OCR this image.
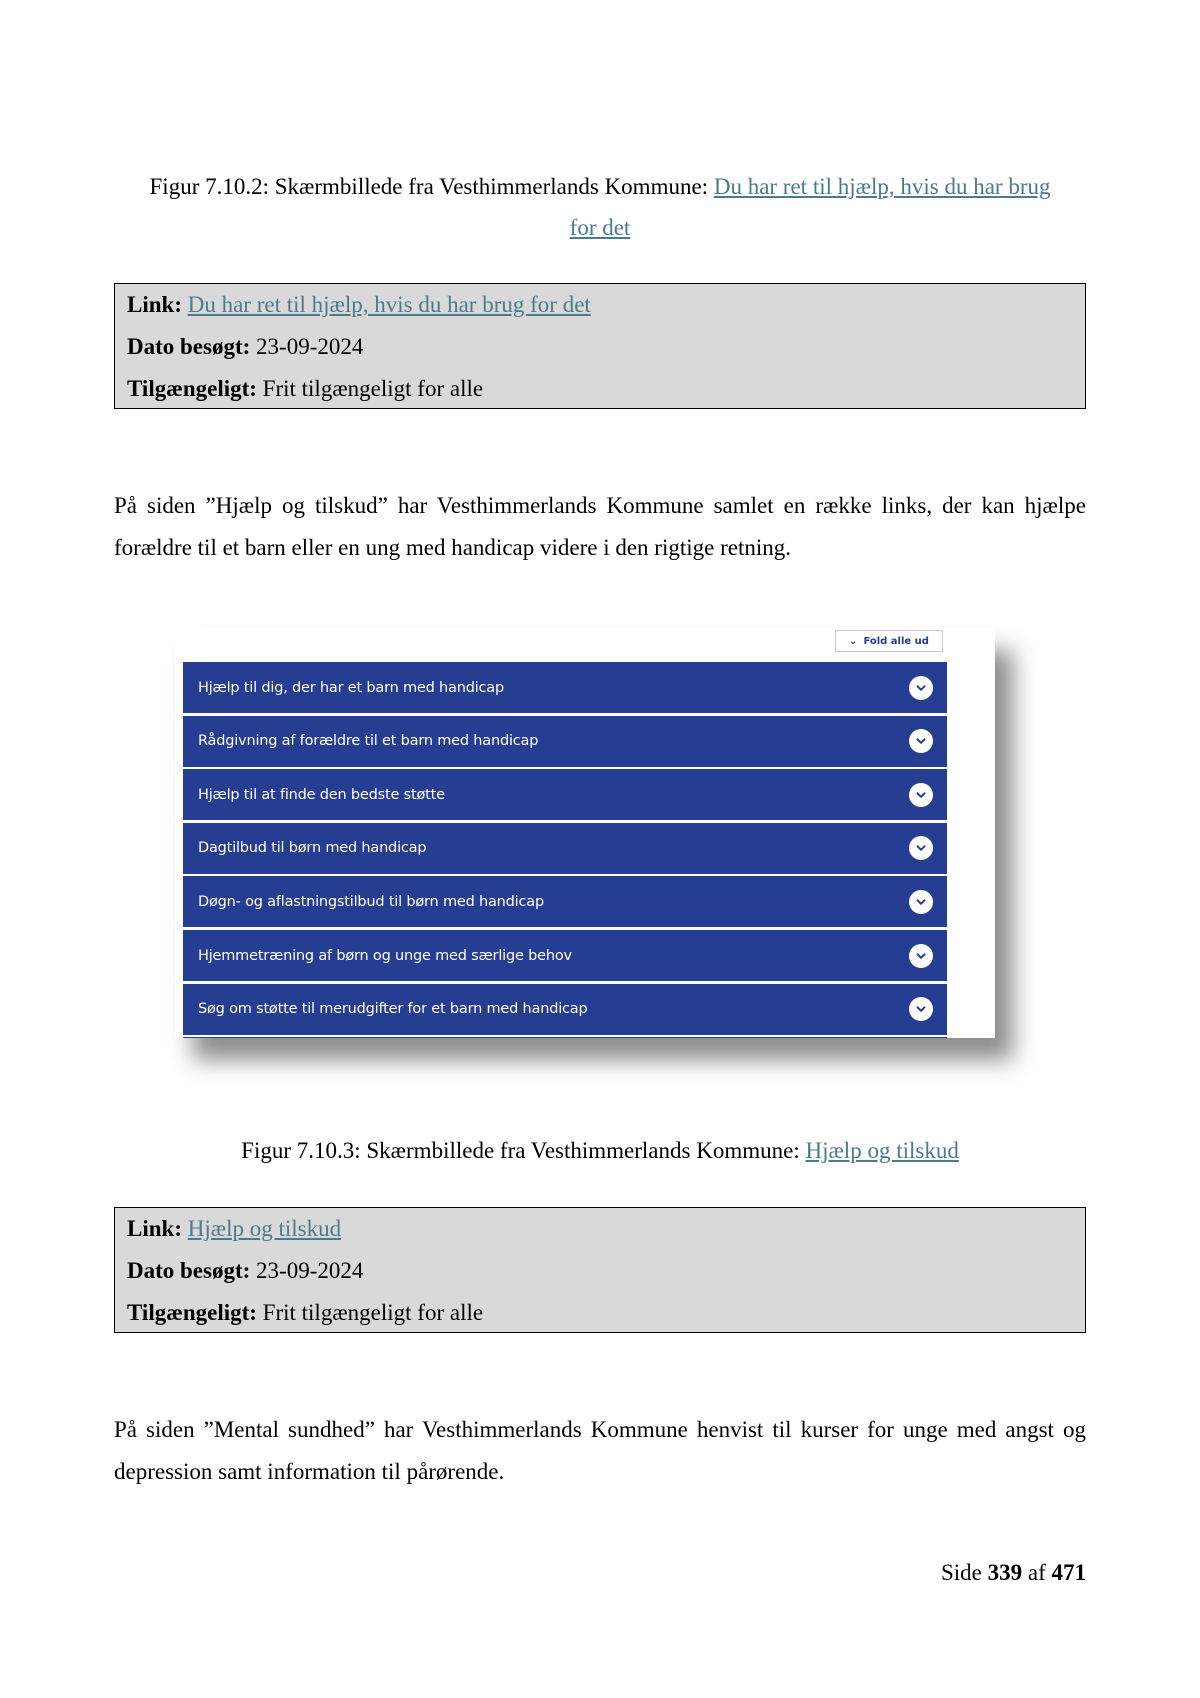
Figur 7.10.2: Skærmbillede fra Vesthimmerlands Kommune: Du har ret til hjælp, hvis du har brug
for det
Link: Du har ret til hjælp, hvis du har brug for det
Dato besøgt: 23-09-2024
Tilgængeligt: Frit tilgængeligt for alle
På siden ”Hjælp og tilskud” har Vesthimmerlands Kommune samlet en række links, der kan hjælpe
forældre til et barn eller en ung med handicap videre i den rigtige retning.
⌄ Fold alle ud
Hjælp til dig, der har et barn med handicap
Rådgivning af forældre til et barn med handicap
Hjælp til at finde den bedste støtte
Dagtilbud til børn med handicap
Døgn- og aflastningstilbud til børn med handicap
Hjemmetræning af børn og unge med særlige behov
Søg om støtte til merudgifter for et barn med handicap
Figur 7.10.3: Skærmbillede fra Vesthimmerlands Kommune: Hjælp og tilskud
Link: Hjælp og tilskud
Dato besøgt: 23-09-2024
Tilgængeligt: Frit tilgængeligt for alle
På siden ”Mental sundhed” har Vesthimmerlands Kommune henvist til kurser for unge med angst og
depression samt information til pårørende.
Side 339 af 471
